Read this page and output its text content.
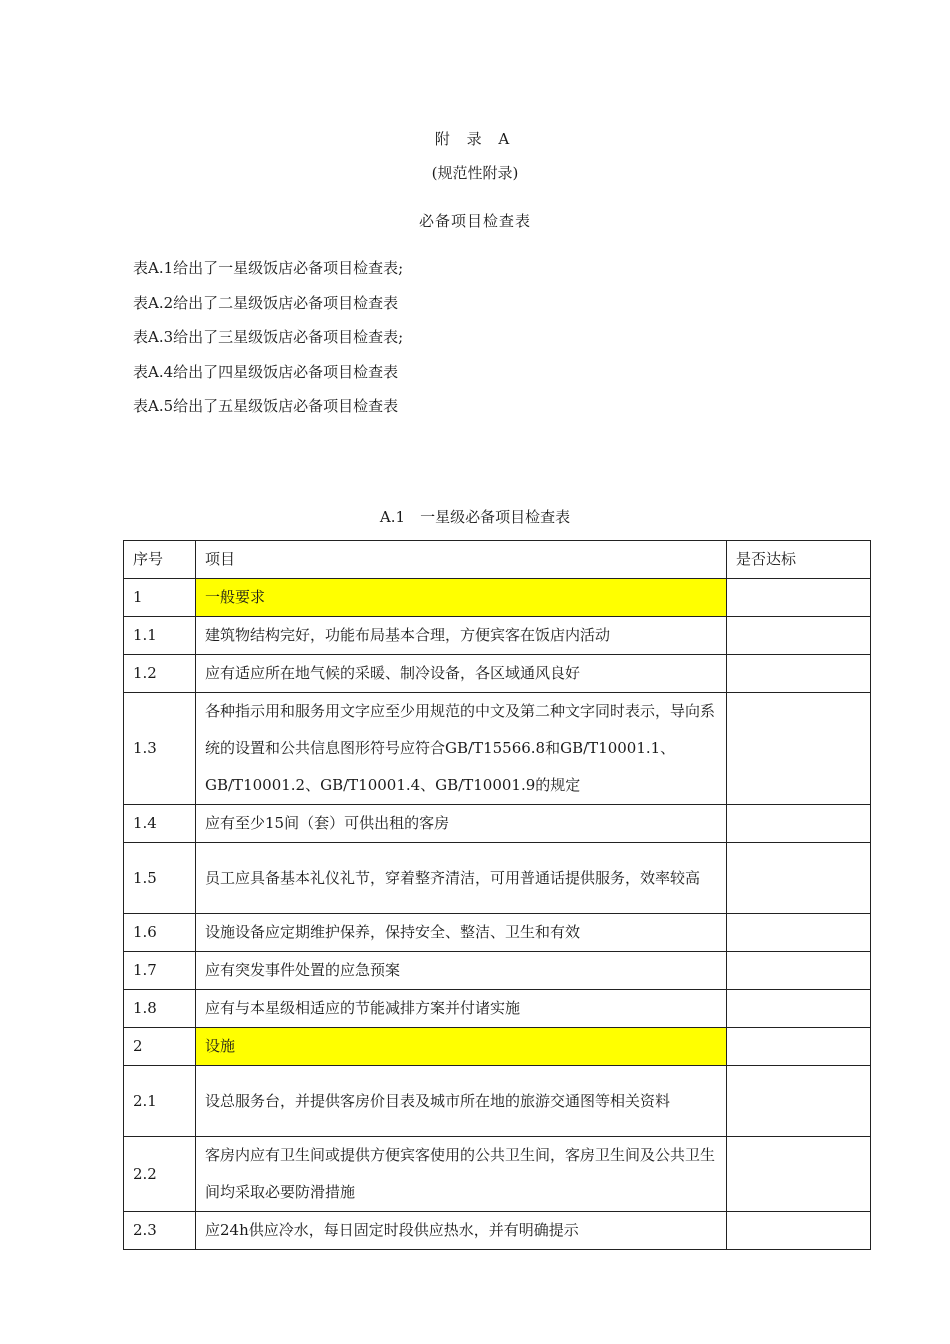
附 录 A
(规范性附录)
必备项目检查表
表A.1给出了一星级饭店必备项目检查表;
表A.2给出了二星级饭店必备项目检查表
表A.3给出了三星级饭店必备项目检查表;
表A.4给出了四星级饭店必备项目检查表
表A.5给出了五星级饭店必备项目检查表
A.1　一星级必备项目检查表
序号	项目	是否达标
1	一般要求	
1.1	建筑物结构完好，功能布局基本合理，方便宾客在饭店内活动	
1.2	应有适应所在地气候的采暖、制冷设备，各区域通风良好	
1.3	各种指示用和服务用文字应至少用规范的中文及第二种文字同时表示，导向系统的设置和公共信息图形符号应符合GB/T15566.8和GB/T10001.1、GB/T10001.2、GB/T10001.4、GB/T10001.9的规定	
1.4	应有至少15间（套）可供出租的客房	
1.5	员工应具备基本礼仪礼节，穿着整齐清洁，可用普通话提供服务，效率较高	
1.6	设施设备应定期维护保养，保持安全、整洁、卫生和有效	
1.7	应有突发事件处置的应急预案	
1.8	应有与本星级相适应的节能减排方案并付诸实施	
2	设施	
2.1	设总服务台，并提供客房价目表及城市所在地的旅游交通图等相关资料	
2.2	客房内应有卫生间或提供方便宾客使用的公共卫生间，客房卫生间及公共卫生间均采取必要防滑措施	
2.3	应24h供应冷水，每日固定时段供应热水，并有明确提示	
